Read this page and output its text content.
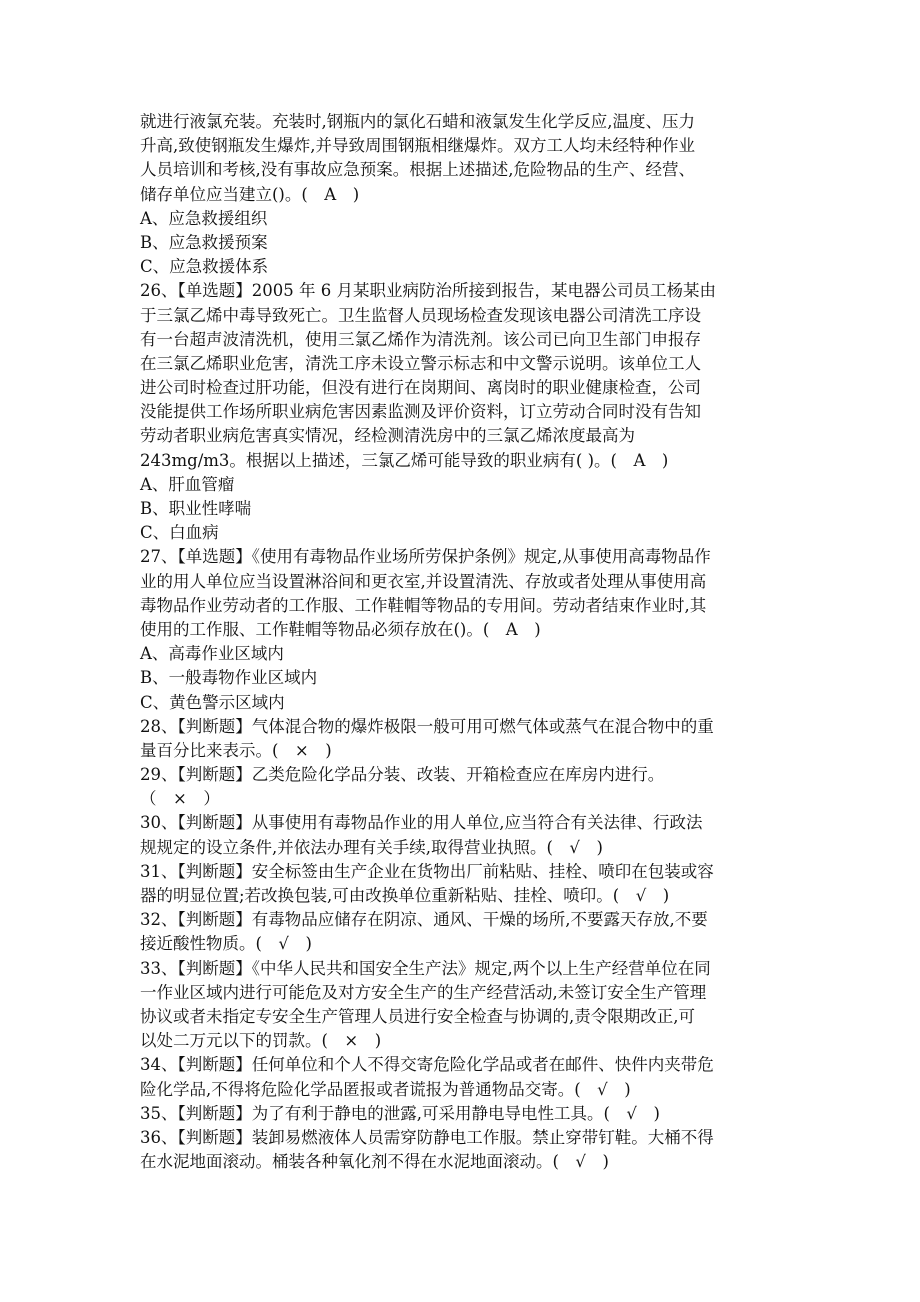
就进行液氯充装。充装时,钢瓶内的氯化石蜡和液氯发生化学反应,温度、压力
升高,致使钢瓶发生爆炸,并导致周围钢瓶相继爆炸。双方工人均未经特种作业
人员培训和考核,没有事故应急预案。根据上述描述,危险物品的生产、经营、
储存单位应当建立()。(　A　)
A、应急救援组织
B、应急救援预案
C、应急救援体系
26、【单选题】2005 年 6 月某职业病防治所接到报告，某电器公司员工杨某由
于三氯乙烯中毒导致死亡。卫生监督人员现场检查发现该电器公司清洗工序设
有一台超声波清洗机，使用三氯乙烯作为清洗剂。该公司已向卫生部门申报存
在三氯乙烯职业危害，清洗工序未设立警示标志和中文警示说明。该单位工人
进公司时检查过肝功能，但没有进行在岗期间、离岗时的职业健康检查，公司
没能提供工作场所职业病危害因素监测及评价资料，订立劳动合同时没有告知
劳动者职业病危害真实情况，经检测清洗房中的三氯乙烯浓度最高为
243mg/m3。根据以上描述，三氯乙烯可能导致的职业病有( )。(　A　)
A、肝血管瘤
B、职业性哮喘
C、白血病
27、【单选题】《使用有毒物品作业场所劳保护条例》规定,从事使用高毒物品作
业的用人单位应当设置淋浴间和更衣室,并设置清洗、存放或者处理从事使用高
毒物品作业劳动者的工作服、工作鞋帽等物品的专用间。劳动者结束作业时,其
使用的工作服、工作鞋帽等物品必须存放在()。(　A　)
A、高毒作业区域内
B、一般毒物作业区域内
C、黄色警示区域内
28、【判断题】气体混合物的爆炸极限一般可用可燃气体或蒸气在混合物中的重
量百分比来表示。(　×　)
29、【判断题】乙类危险化学品分装、改装、开箱检查应在库房内进行。
（　×　）
30、【判断题】从事使用有毒物品作业的用人单位,应当符合有关法律、行政法
规规定的设立条件,并依法办理有关手续,取得营业执照。(　√　)
31、【判断题】安全标签由生产企业在货物出厂前粘贴、挂栓、喷印在包装或容
器的明显位置;若改换包装,可由改换单位重新粘贴、挂栓、喷印。(　√　)
32、【判断题】有毒物品应储存在阴凉、通风、干燥的场所,不要露天存放,不要
接近酸性物质。(　√　)
33、【判断题】《中华人民共和国安全生产法》规定,两个以上生产经营单位在同
一作业区域内进行可能危及对方安全生产的生产经营活动,未签订安全生产管理
协议或者未指定专安全生产管理人员进行安全检查与协调的,责令限期改正,可
以处二万元以下的罚款。(　×　)
34、【判断题】任何单位和个人不得交寄危险化学品或者在邮件、快件内夹带危
险化学品,不得将危险化学品匿报或者谎报为普通物品交寄。(　√　)
35、【判断题】为了有利于静电的泄露,可采用静电导电性工具。(　√　)
36、【判断题】装卸易燃液体人员需穿防静电工作服。禁止穿带钉鞋。大桶不得
在水泥地面滚动。桶装各种氧化剂不得在水泥地面滚动。(　√　)
